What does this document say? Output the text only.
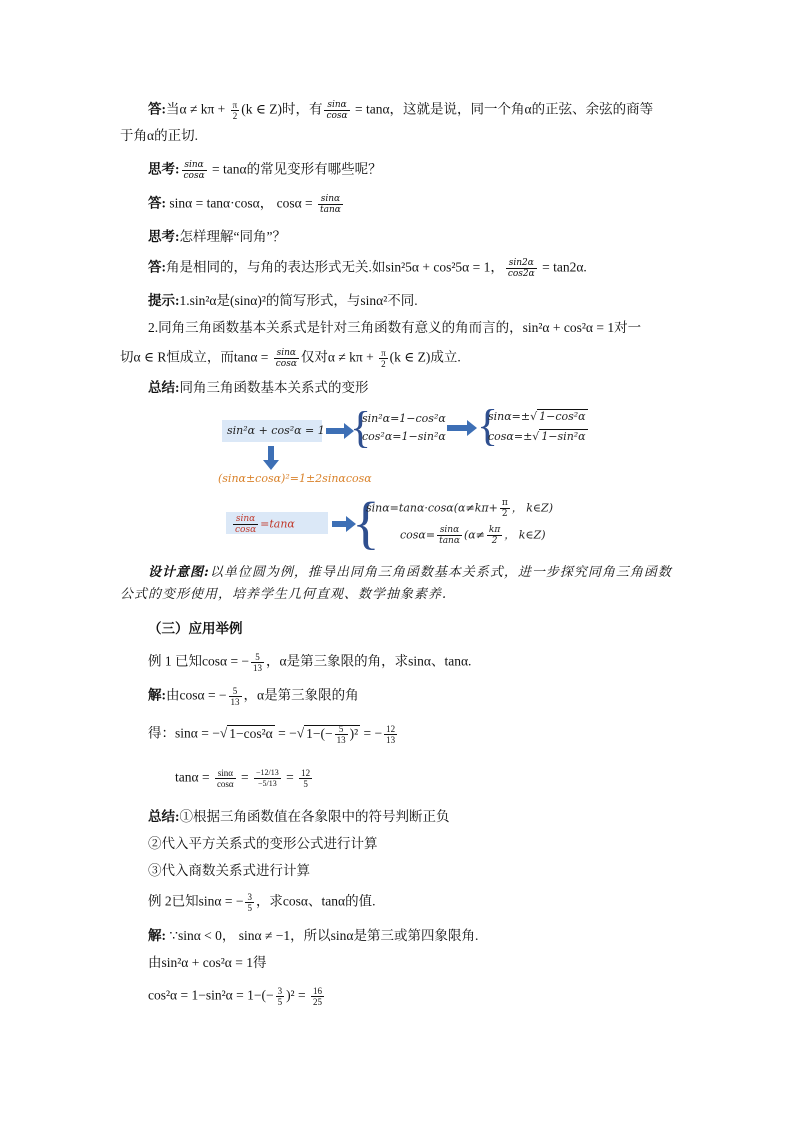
答:当$\alpha \ne k\pi + \frac{\pi}{2} (k$ ∈ Z)时，有 $\frac{\sin\alpha}{\cos\alpha} = \tan\alpha$，这就是说，同一个角α的正弦、余弦的商等
于角α的正切.
思考: $\frac{\sin\alpha}{\cos\alpha} = \tan\alpha$的常见变形有哪些呢？
答: sinα = tanα·cosα， $\cos\alpha = \frac{\sin\alpha}{\tan\alpha}$
思考:怎样理解“同角”？
答:角是相同的，与角的表达形式无关.如sin²5α + cos²5α = 1， $\frac{\sin 2\alpha}{\cos 2\alpha} = \tan 2\alpha$.
提示:1.sin²α是(sinα)²的简写形式，与sinα²不同.
2.同角三角函数基本关系式是针对三角函数有意义的角而言的，sin²α + cos²α = 1对一
切α ∈ R恒成立，而$\tan\alpha = \frac{\sin\alpha}{\cos\alpha}$ 仅对$\alpha \ne k\pi + \frac{\pi}{2} (k$ ∈ Z)成立.
总结:同角三角函数基本关系式的变形
sin²α + cos²α = 1 {
sin²α=1−cos²α
cos²α=1−sin²α {
sinα=±√ 1−cos²α
cosα=±√ 1−sin²α
(sinα±cosα)²=1±2sinαcosα
$\frac{\sin\alpha}{\cos\alpha} =\tan\alpha$ {
$\sin\alpha=\tan\alpha\cdot\cos\alpha(\alpha\ne k\pi+ \frac{\pi}{2}$ ， k∈Z)
$\cos\alpha= \frac{\sin\alpha}{\tan\alpha} (\alpha\ne \frac{k\pi}{2}$ ， k∈Z)
设计意图:以单位圆为例，推导出同角三角函数基本关系式，进一步探究同角三角函数公式的变形使用，培养学生几何直观、数学抽象素养.
（三）应用举例
例 1 已知cosα = − $\frac{5}{13}$ ，α是第三象限的角，求sinα、tanα.
解:由cosα = − $\frac{5}{13}$ ，α是第三象限的角
得：sinα = −√ 1−cos²α = −√ $1-(- \frac{5}{13} )^2$ = − $\frac{12}{13}$
$\tan\alpha = \frac{\sin\alpha}{\cos\alpha} = \frac{-12/13}{-5/13} = \frac{12}{5}$
总结:①根据三角函数值在各象限中的符号判断正负
②代入平方关系式的变形公式进行计算
③代入商数关系式进行计算
例 2已知sinα = − $\frac{3}{5}$ ，求cosα、tanα的值.
解: ∵sinα < 0， sinα ≠ −1，所以sinα是第三或第四象限角.
由sin²α + cos²α = 1得
$\cos^2\alpha = 1-\sin^2\alpha = 1-(- \frac{3}{5} )^2 = \frac{16}{25}$
